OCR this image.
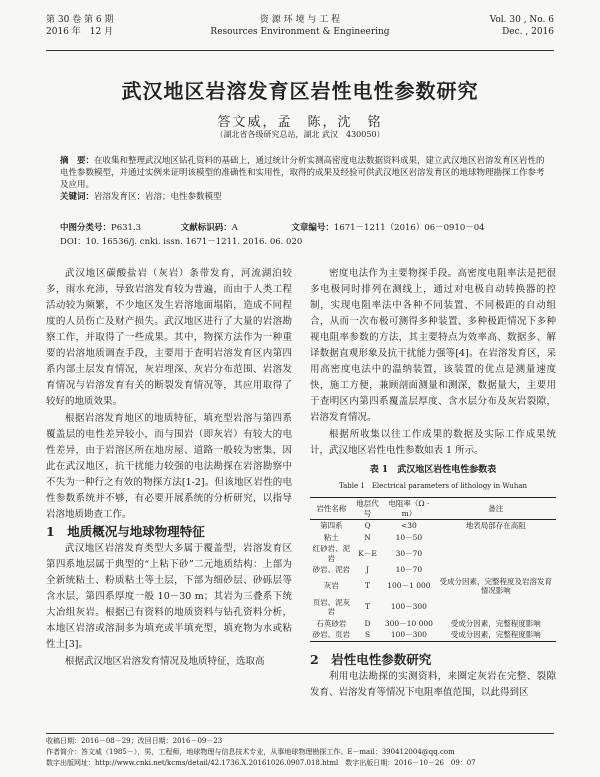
第 30 卷 第 6 期
2016 年　12 月
资 源 环 境 与 工 程
Resources Environment & Engineering
Vol. 30 , No. 6
Dec. , 2016
武汉地区岩溶发育区岩性电性参数研究
答文威，孟　陈，沈　铭
（湖北省各级研究总站，湖北 武汉　430050）
摘　要：在收集和整理武汉地区钻孔资料的基础上，通过统计分析实测高密度电法数据资料成果，建立武汉地区岩溶发育区岩性的电性参数模型，并通过实例来证明该模型的准确性和实用性，取得的成果及经验可供武汉地区岩溶发育区的地球物理勘探工作参考及应用。
关键词：岩溶发育区；岩溶；电性参数模型
中图分类号：P631.3	文献标识码：A	文章编号：1671－1211（2016）06－0910－04
DOI：10. 16536/j. cnki. issn. 1671－1211. 2016. 06. 020

武汉地区碳酸盐岩（灰岩）条带发育，河流湖泊较多，雨水充沛，导致岩溶发育较为普遍，而由于人类工程活动较为频繁，不少地区发生岩溶地面塌陷，造成不同程度的人员伤亡及财产损失。武汉地区进行了大量的岩溶勘察工作，并取得了一些成果。其中，物探方法作为一种重要的岩溶地质调查手段，主要用于查明岩溶发育区内第四系内部土层发育情况，灰岩埋深、灰岩分布范围、岩溶发育情况与岩溶发育有关的断裂发育情况等，其应用取得了较好的地质效果。

根据岩溶发育地区的地质特征，填充型岩溶与第四系覆盖层的电性差异较小，而与围岩（即灰岩）有较大的电性差异，由于岩溶区所在地房屋、道路一般较为密集，因此在武汉地区，抗干扰能力较强的电法勘探在岩溶勘察中不失为一种行之有效的物探方法[1-2]。但该地区岩性的电性参数系统并不够，有必要开展系统的分析研究，以指导岩溶地质勘查工作。

1　地质概况与地球物理特征

武汉地区岩溶发育类型大多属于覆盖型，岩溶发育区第四系地层属于典型的“上粘下砂”二元地质结构：上部为全新统粘土、粉质粘土等土层，下部为细砂层、砂砾层等含水层，第四系厚度一般 10－30 m；其岩为三叠系下统大冶组灰岩。根据已有资料的地质资料与钻孔资料分析，本地区岩溶或溶洞多为填充或半填充型，填充物为水或粘性土[3]。

根据武汉地区岩溶发育情况及地质特征，选取高

密度电法作为主要物探手段。高密度电阻率法是把很多电极同时排列在测线上，通过对电极自动转换器的控制，实现电阻率法中各种不同装置、不同极距的自动组合，从而一次布极可测得多种装置、多种极距情况下多种视电阻率参数的方法，其主要特点为效率高、数据多、解译数据直观形象及抗干扰能力强等[4]。在岩溶发育区，采用高密度电法中的温纳装置，该装置的优点是测量速度快，施工方便，兼顾剖面测量和测深，数据量大，主要用于查明区内第四系覆盖层厚度、含水层分布及灰岩裂隙，岩溶发育情况。

根据所收集以往工作成果的数据及实际工作成果统计，武汉地区岩性电性参数如表 1 所示。

表 1　武汉地区岩性电性参数表
Table 1　Electrical parameters of lithology in Wuhan
岩性名称	地层代号	电阻率（Ω · m）	备注
第四系	Q	<30	地表局部存在高阻
粘土	N	10－50	
红砂岩、泥岩	K－E	30－70	
砂岩、泥岩	J	10－70	
灰岩	T	100－1 000	受成分因素，完整程度及岩溶发育情况影响
页岩、泥灰岩	T	100－300	
石英砂岩	D	300－10 000	受成分因素，完整程度影响
砂岩、页岩	S	100－300	受成分因素，完整程度影响

2　岩性电性参数研究

利用电法勘探的实测资料，来圈定灰岩在完整、裂隙发育、岩溶发育等情况下电阻率值范围，以此得到区

收稿日期：2016－08－29；改回日期：2016－09－23
作者简介：答文威（1985－），男，工程师，地球物理与信息技术专业，从事地球物理勘探工作。E－mail：390412004@qq.com
数字出版网址：http://www.cnki.net/kcms/detail/42.1736.X.20161026.0907.018.html　数字出版日期：2016－10－26　09：07
